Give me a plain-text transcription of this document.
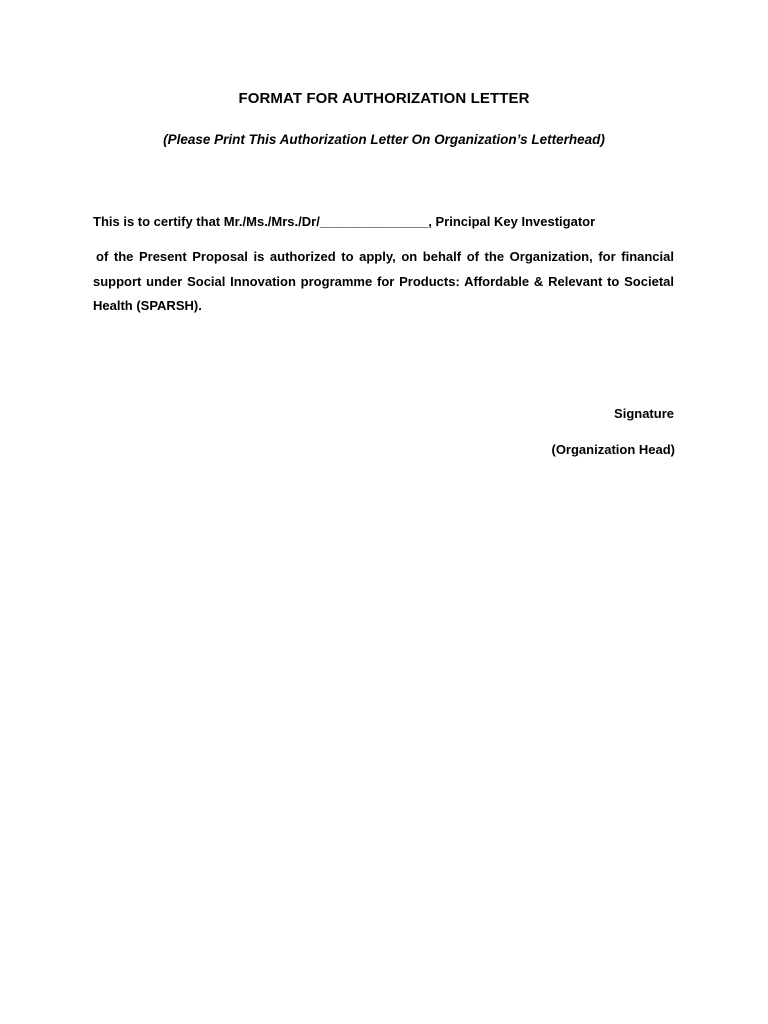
FORMAT FOR AUTHORIZATION LETTER
(Please Print This Authorization Letter On Organization’s Letterhead)
This is to certify that Mr./Ms./Mrs./Dr/_______________, Principal Key Investigator
of the Present Proposal is authorized to apply, on behalf of the Organization, for financial support under Social Innovation programme for Products: Affordable & Relevant to Societal Health (SPARSH).
Signature
(Organization Head)
